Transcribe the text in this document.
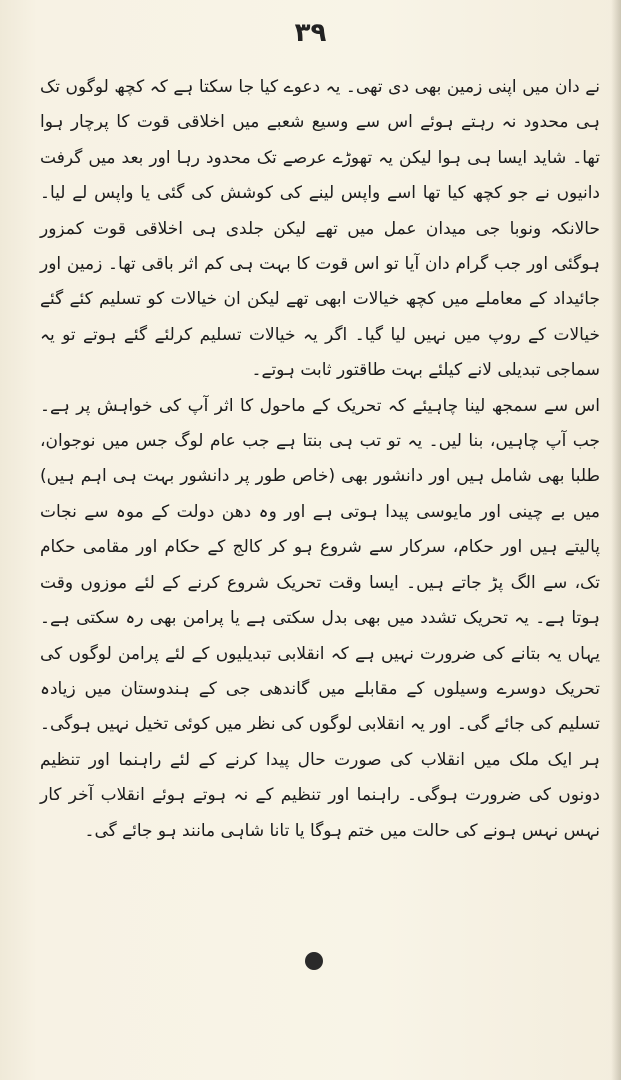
۳۹

نے دان میں اپنی زمین بھی دی تھی۔ یہ دعوے کیا جا سکتا ہے کہ کچھ لوگوں تک ہی محدود نہ رہتے ہوئے اس سے وسیع شعبے میں اخلاقی قوت کا پرچار ہوا تھا۔ شاید ایسا ہی ہوا لیکن یہ تھوڑے عرصے تک محدود رہا اور بعد میں گرفت دانیوں نے جو کچھ کیا تھا اسے واپس لینے کی کوشش کی گئی یا واپس لے لیا۔ حالانکہ ونوبا جی میدان عمل میں تھے لیکن جلدی ہی اخلاقی قوت کمزور ہوگئی اور جب گرام دان آیا تو اس قوت کا بہت ہی کم اثر باقی تھا۔ زمین اور جائیداد کے معاملے میں کچھ خیالات ابھی تھے لیکن ان خیالات کو تسلیم کئے گئے خیالات کے روپ میں نہیں لیا گیا۔ اگر یہ خیالات تسلیم کرلئے گئے ہوتے تو یہ سماجی تبدیلی لانے کیلئے بہت طاقتور ثابت ہوتے۔

اس سے سمجھ لینا چاہیئے کہ تحریک کے ماحول کا اثر آپ کی خواہش پر ہے۔ جب آپ چاہیں، بنا لیں۔ یہ تو تب ہی بنتا ہے جب عام لوگ جس میں نوجوان، طلبا بھی شامل ہیں اور دانشور بھی (خاص طور پر دانشور بہت ہی اہم ہیں) میں بے چینی اور مایوسی پیدا ہوتی ہے اور وہ دھن دولت کے موہ سے نجات پالیتے ہیں اور حکام، سرکار سے شروع ہو کر کالج کے حکام اور مقامی حکام تک، سے الگ پڑ جاتے ہیں۔ ایسا وقت تحریک شروع کرنے کے لئے موزوں وقت ہوتا ہے۔ یہ تحریک تشدد میں بھی بدل سکتی ہے یا پرامن بھی رہ سکتی ہے۔ یہاں یہ بتانے کی ضرورت نہیں ہے کہ انقلابی تبدیلیوں کے لئے پرامن لوگوں کی تحریک دوسرے وسیلوں کے مقابلے میں گاندھی جی کے ہندوستان میں زیادہ تسلیم کی جائے گی۔ اور یہ انقلابی لوگوں کی نظر میں کوئی تخیل نہیں ہوگی۔ ہر ایک ملک میں انقلاب کی صورت حال پیدا کرنے کے لئے راہنما اور تنظیم دونوں کی ضرورت ہوگی۔ راہنما اور تنظیم کے نہ ہوتے ہوئے انقلاب آخر کار نہس نہس ہونے کی حالت میں ختم ہوگا یا تانا شاہی مانند ہو جائے گی۔
